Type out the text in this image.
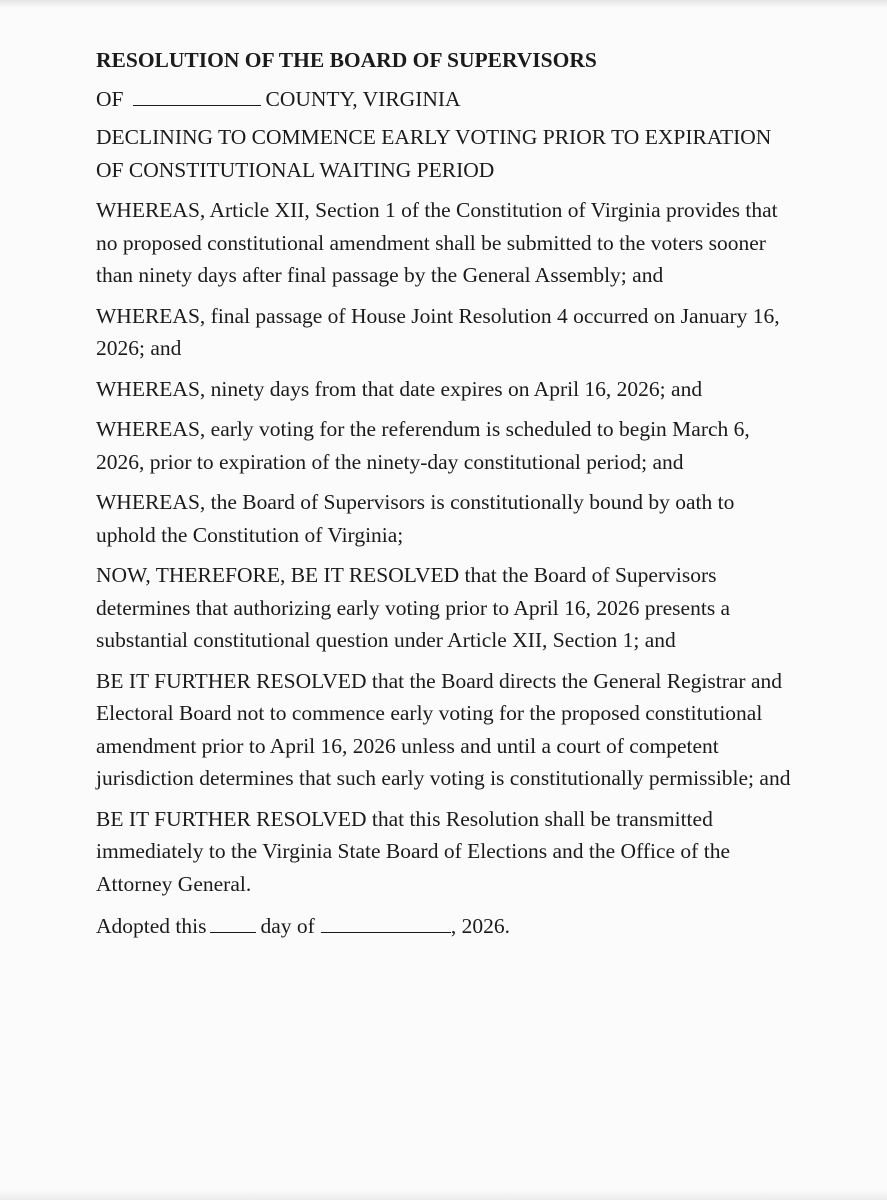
RESOLUTION OF THE BOARD OF SUPERVISORS
OF	COUNTY, VIRGINIA
DECLINING TO COMMENCE EARLY VOTING PRIOR TO EXPIRATION OF CONSTITUTIONAL WAITING PERIOD
WHEREAS, Article XII, Section 1 of the Constitution of Virginia provides that no proposed constitutional amendment shall be submitted to the voters sooner than ninety days after final passage by the General Assembly; and
WHEREAS, final passage of House Joint Resolution 4 occurred on January 16, 2026; and
WHEREAS, ninety days from that date expires on April 16, 2026; and
WHEREAS, early voting for the referendum is scheduled to begin March 6, 2026, prior to expiration of the ninety-day constitutional period; and
WHEREAS, the Board of Supervisors is constitutionally bound by oath to uphold the Constitution of Virginia;
NOW, THEREFORE, BE IT RESOLVED that the Board of Supervisors determines that authorizing early voting prior to April 16, 2026 presents a substantial constitutional question under Article XII, Section 1; and
BE IT FURTHER RESOLVED that the Board directs the General Registrar and Electoral Board not to commence early voting for the proposed constitutional amendment prior to April 16, 2026 unless and until a court of competent jurisdiction determines that such early voting is constitutionally permissible; and
BE IT FURTHER RESOLVED that this Resolution shall be transmitted immediately to the Virginia State Board of Elections and the Office of the Attorney General.
Adopted this	day of	, 2026.
